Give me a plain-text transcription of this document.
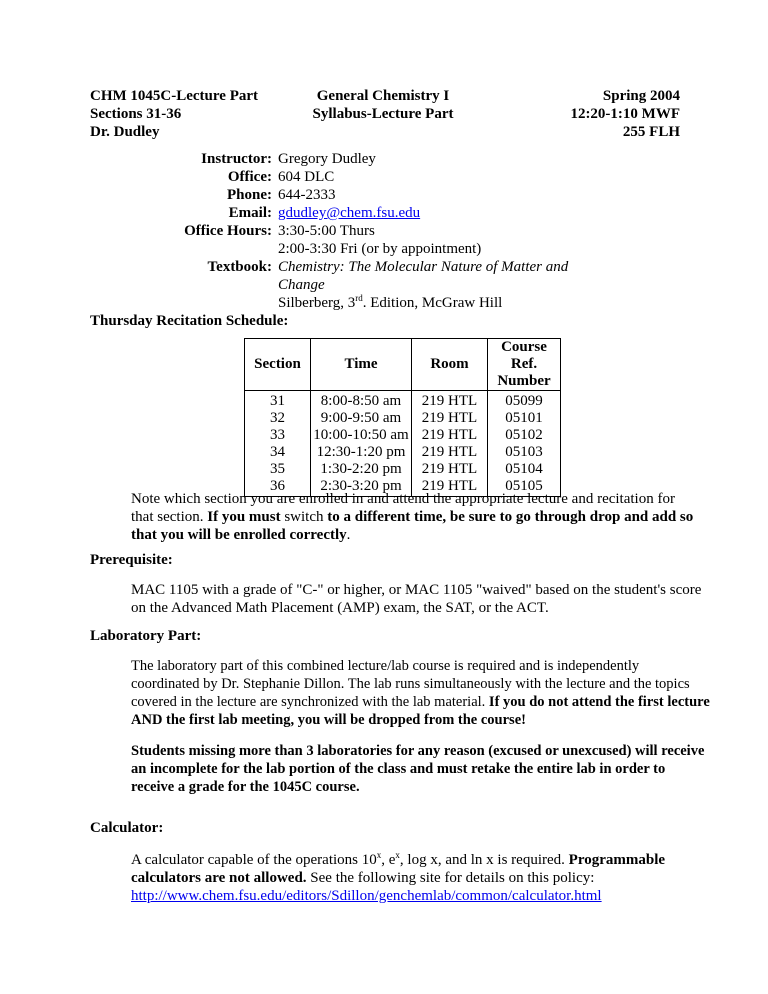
CHM 1045C-Lecture Part
Sections 31-36
Dr. Dudley
General Chemistry I
Syllabus-Lecture Part
Spring 2004
12:20-1:10 MWF
255 FLH
Instructor: Gregory Dudley
Office: 604 DLC
Phone: 644-2333
Email: gdudley@chem.fsu.edu
Office Hours: 3:30-5:00 Thurs
2:00-3:30 Fri (or by appointment)
Textbook: Chemistry: The Molecular Nature of Matter and
Change
Silberberg, 3rd. Edition, McGraw Hill
Thursday Recitation Schedule:
Section	Time	Room	Course Ref. Number
31	8:00-8:50 am	219 HTL	05099
32	9:00-9:50 am	219 HTL	05101
33	10:00-10:50 am	219 HTL	05102
34	12:30-1:20 pm	219 HTL	05103
35	1:30-2:20 pm	219 HTL	05104
36	2:30-3:20 pm	219 HTL	05105
Note which section you are enrolled in and attend the appropriate lecture and recitation for that section. If you must switch to a different time, be sure to go through drop and add so that you will be enrolled correctly.
Prerequisite:
MAC 1105 with a grade of "C-" or higher, or MAC 1105 "waived" based on the student's score on the Advanced Math Placement (AMP) exam, the SAT, or the ACT.
Laboratory Part:
The laboratory part of this combined lecture/lab course is required and is independently coordinated by Dr. Stephanie Dillon. The lab runs simultaneously with the lecture and the topics covered in the lecture are synchronized with the lab material. If you do not attend the first lecture AND the first lab meeting, you will be dropped from the course!
Students missing more than 3 laboratories for any reason (excused or unexcused) will receive an incomplete for the lab portion of the class and must retake the entire lab in order to receive a grade for the 1045C course.
Calculator:
A calculator capable of the operations 10$^x$, $e^x$, log x, and ln x is required. Programmable calculators are not allowed. See the following site for details on this policy:
http://www.chem.fsu.edu/editors/Sdillon/genchemlab/common/calculator.html
